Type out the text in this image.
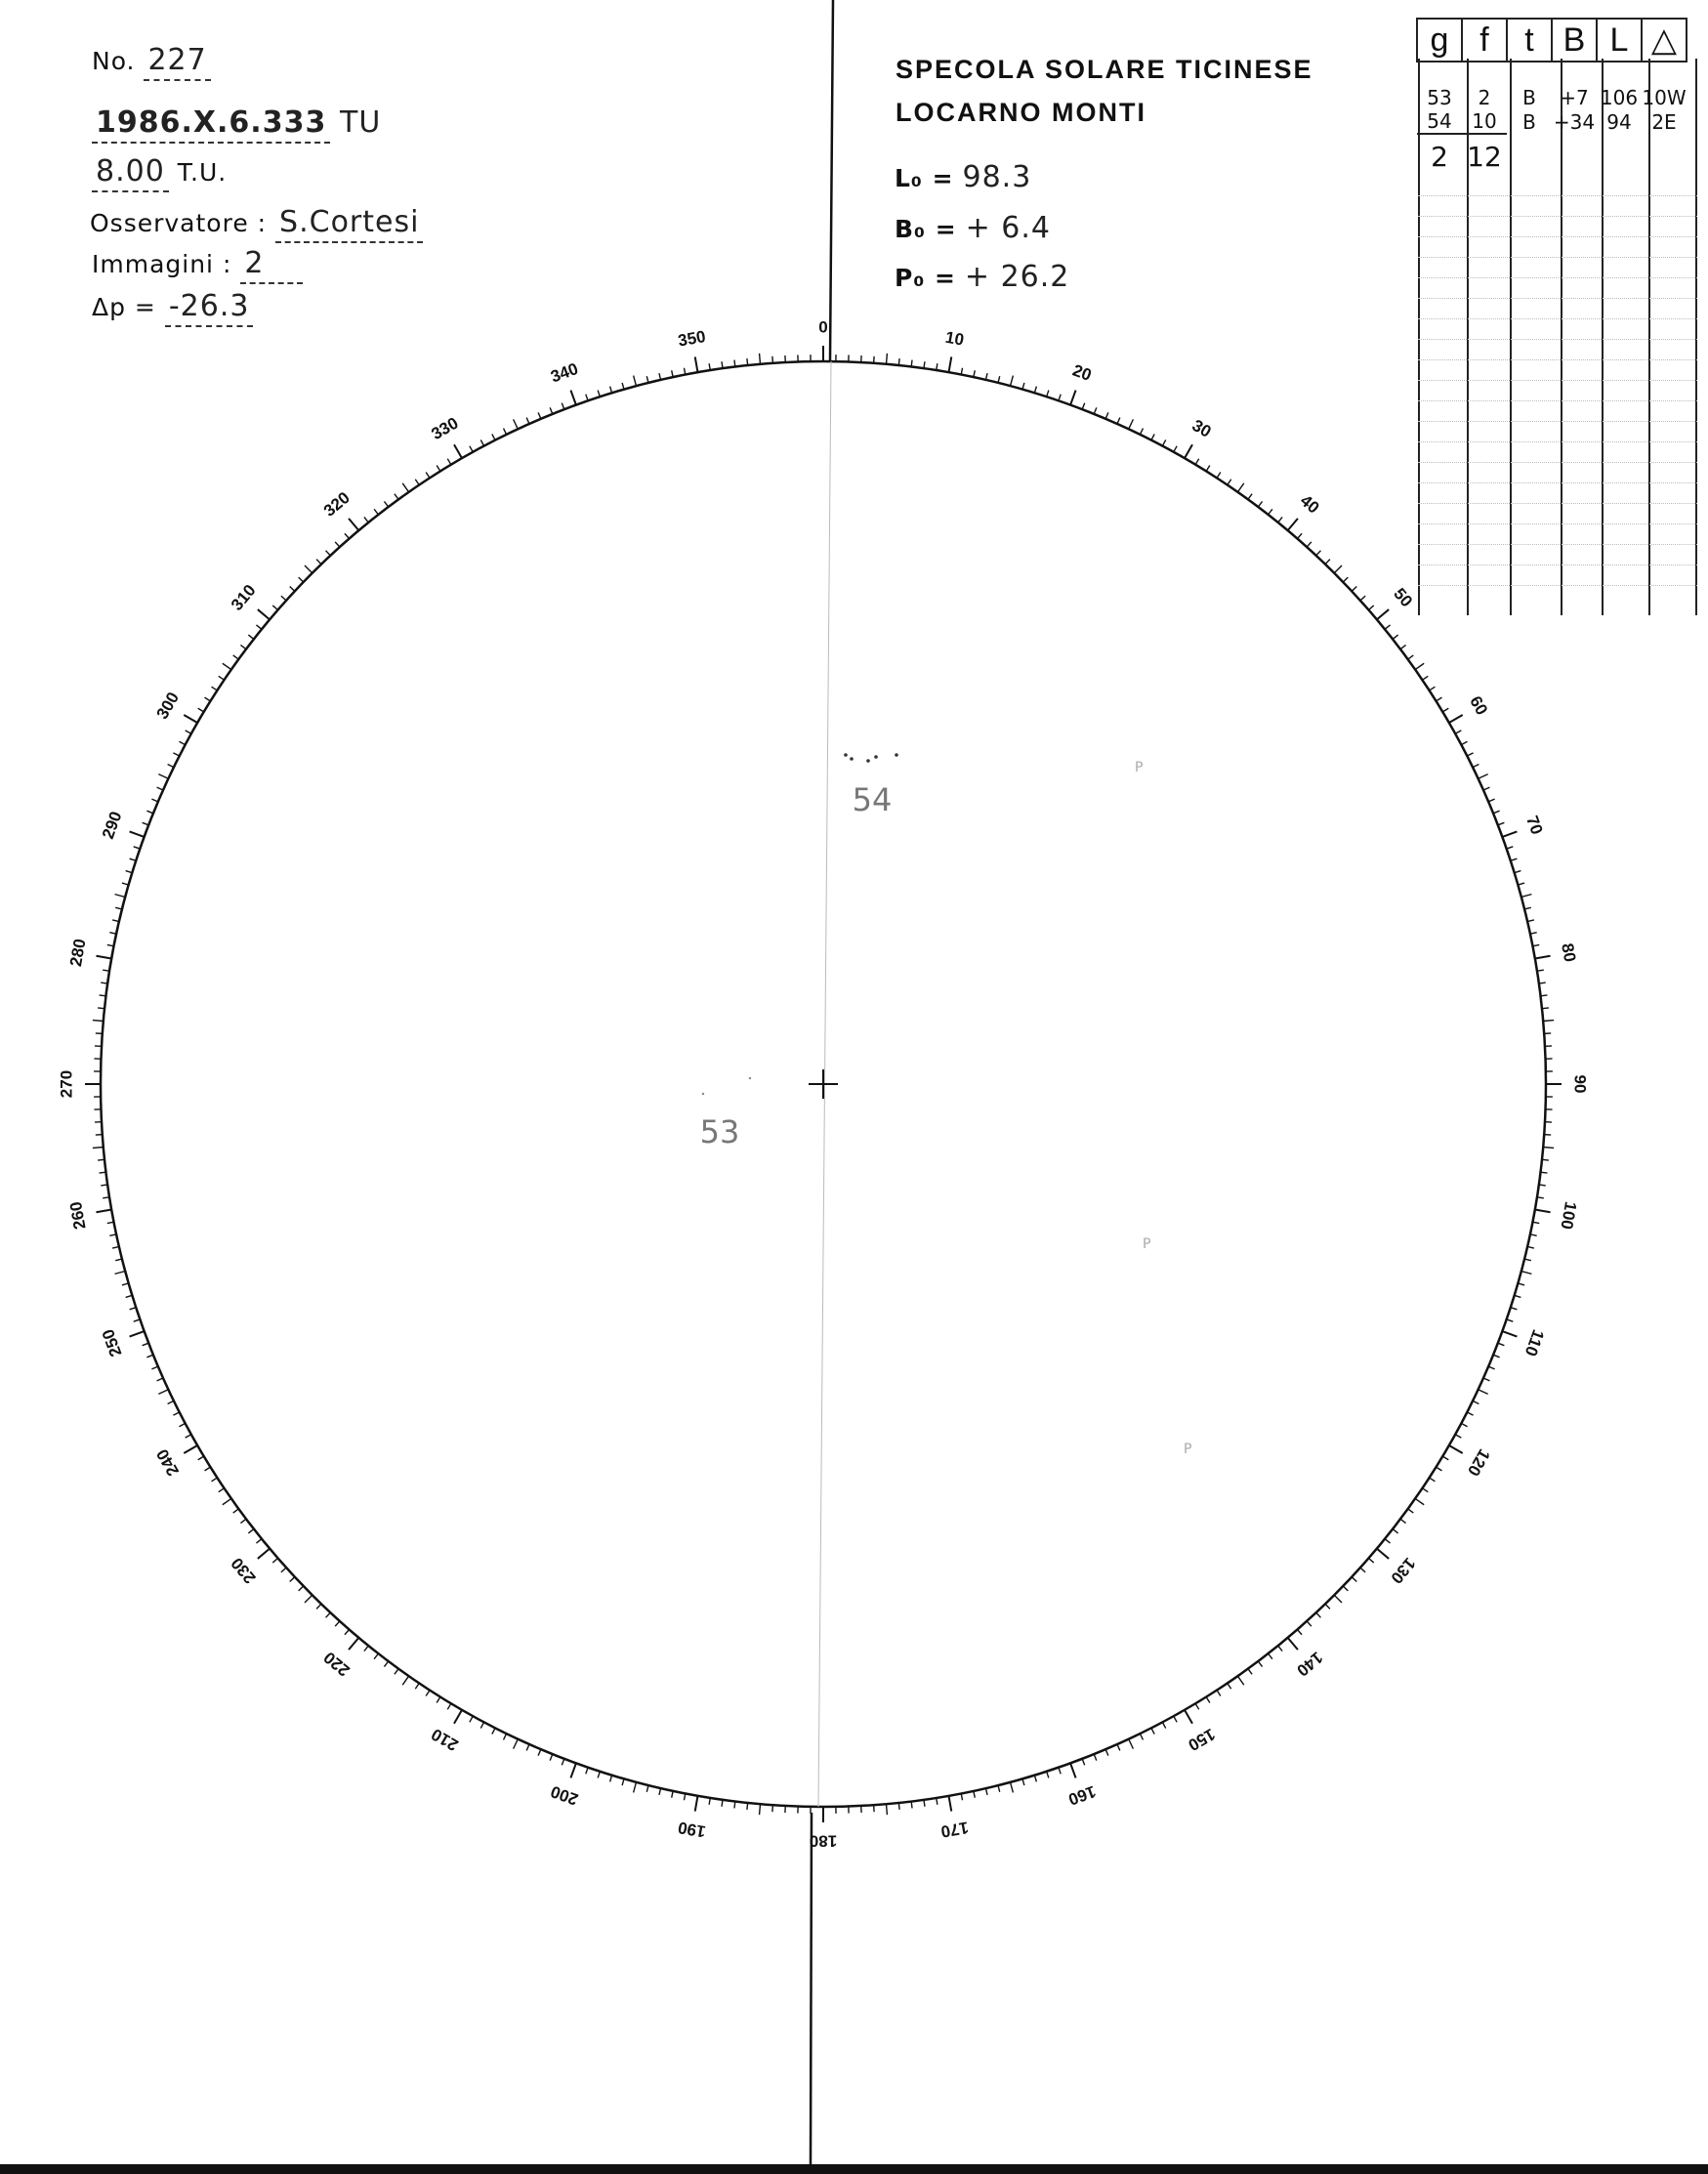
No. 227
1986.X.6.333 TU
8.00 T.U.
Osservatore : S.Cortesi
Immagini : 2
Δp = -26.3
SPECOLA SOLARE TICINESE
LOCARNO MONTI
L₀ = 98.3
B₀ = + 6.4
P₀ = + 26.2
g	f	t	B	L	△

53	2	B	+7	106	10W
54	10	B	+34	94	2E
2	12				
0
10
20
30
40
50
60
70
80
90
100
110
120
130
140
150
160
170
180
190
200
210
220
230
240
250
260
270
280
290
300
310
320
330
340
350
54
53
P
P
P
